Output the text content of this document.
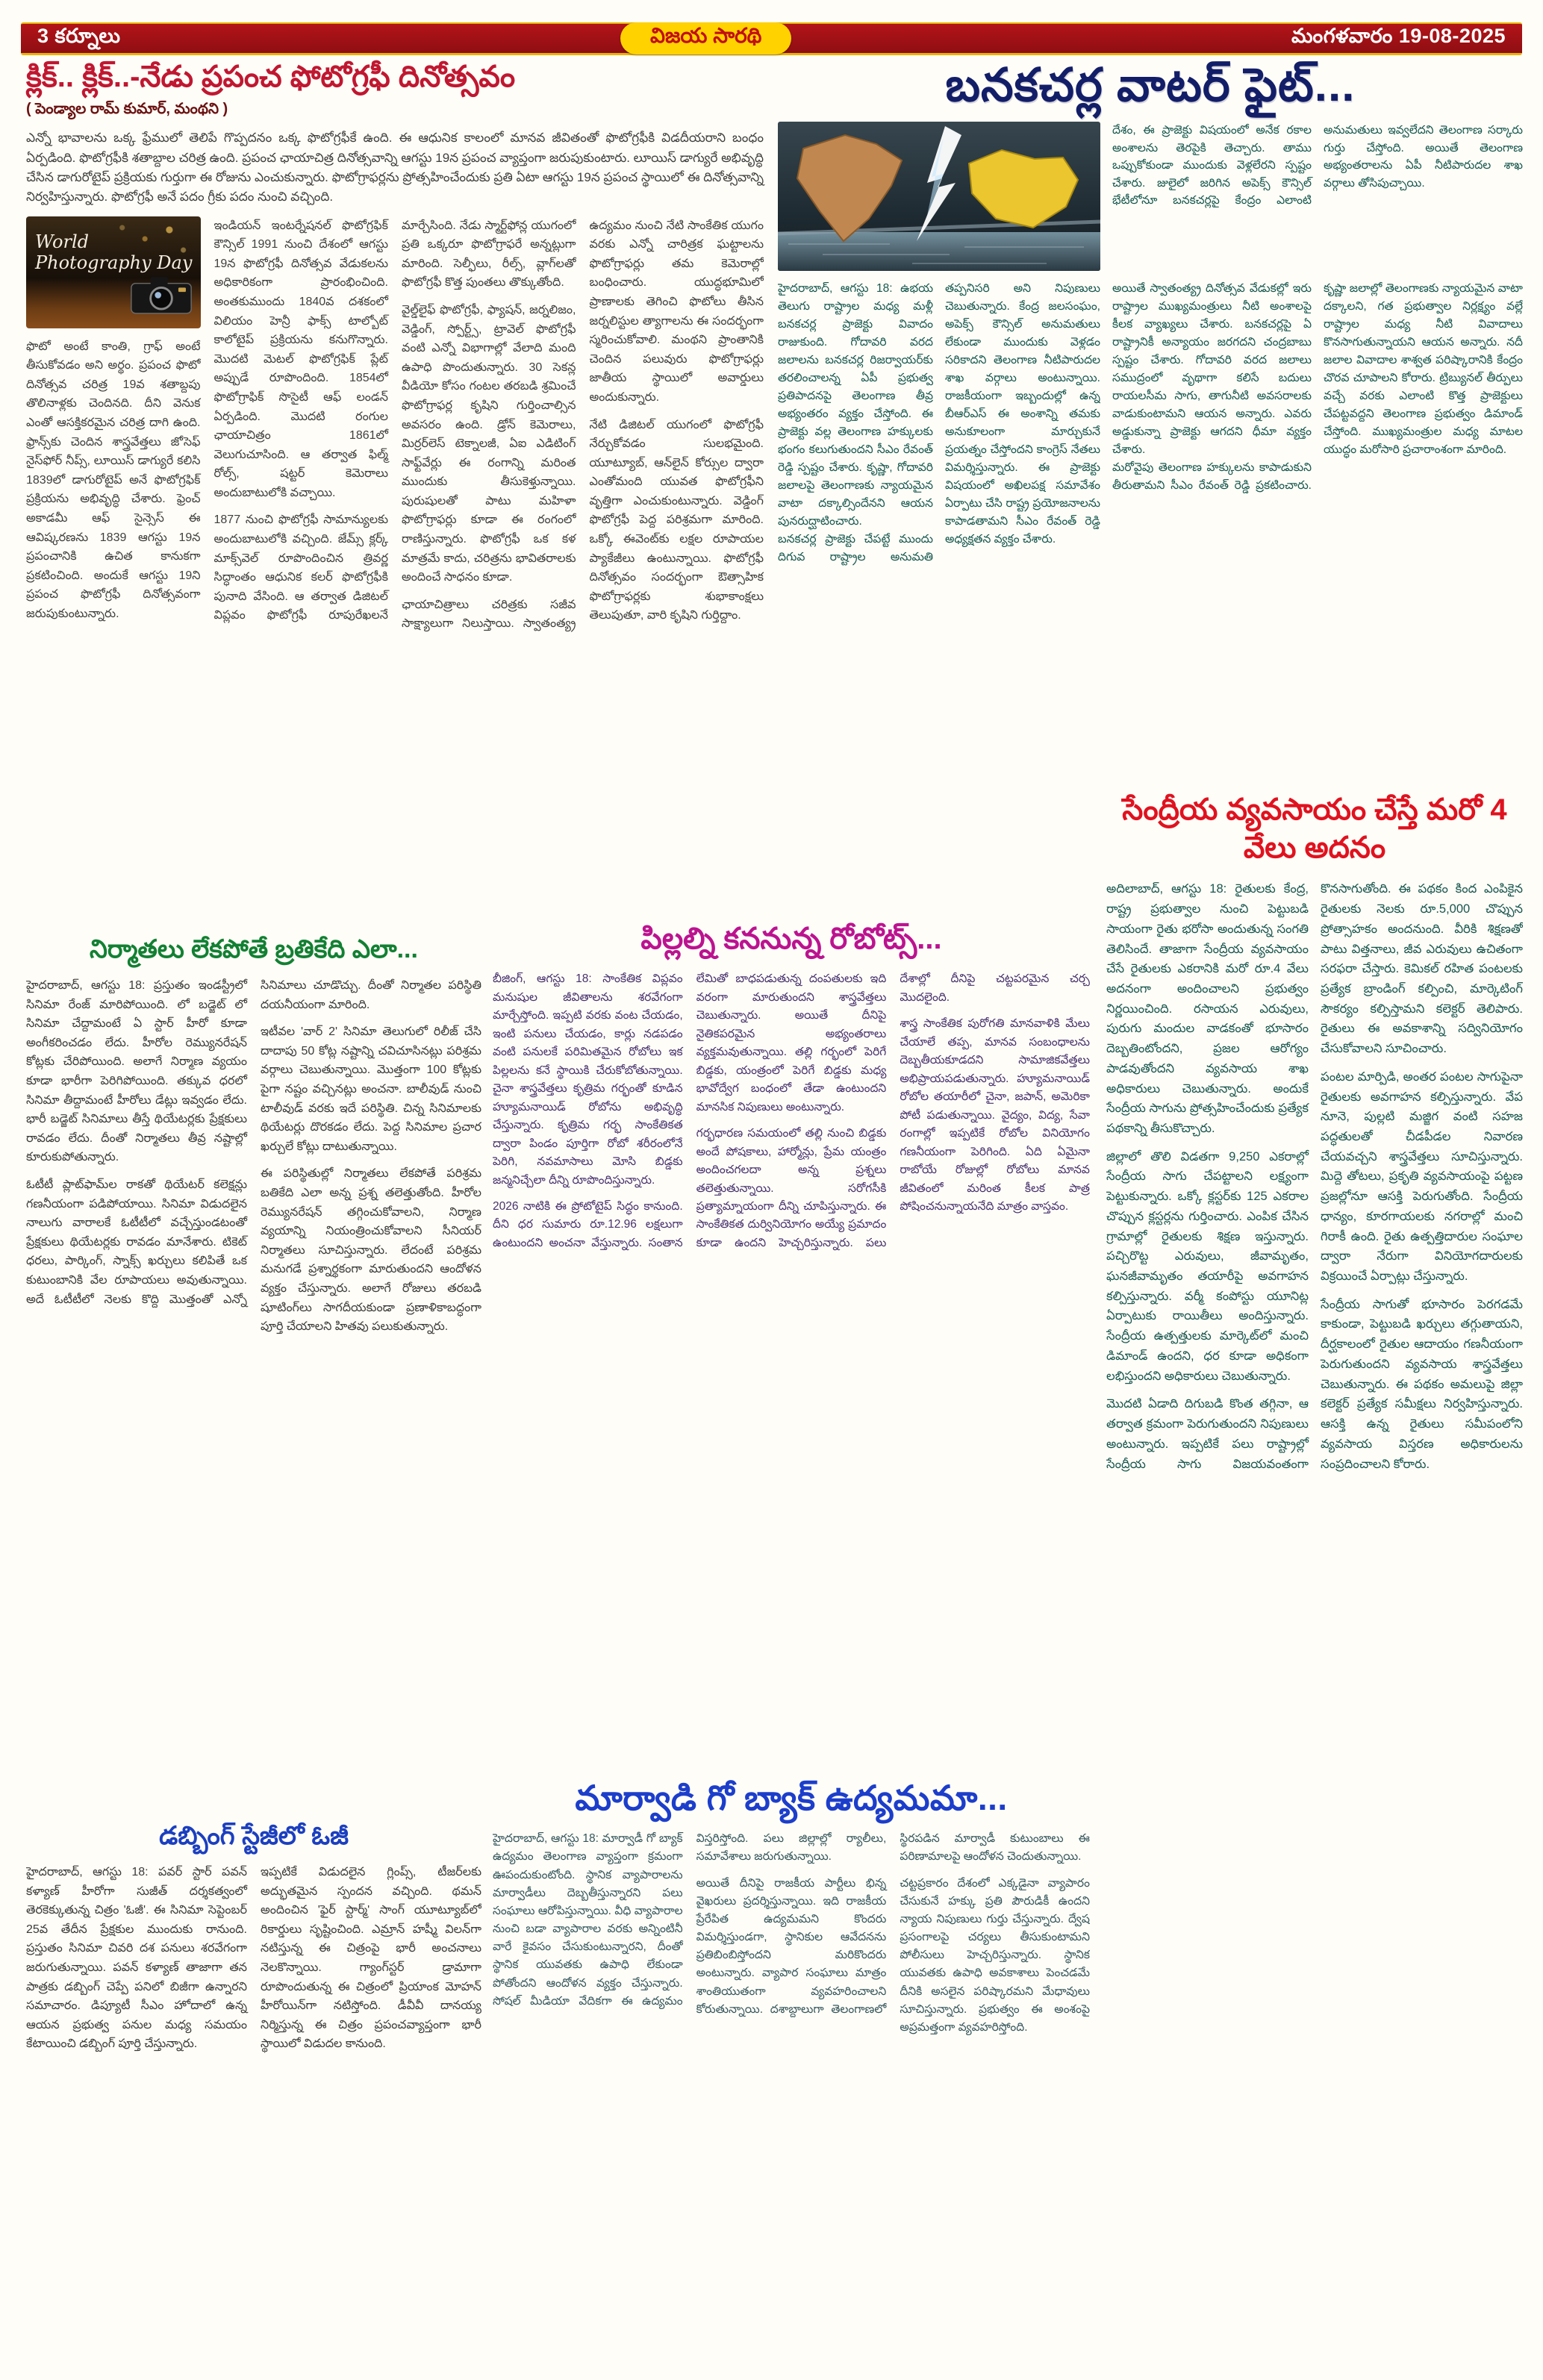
3 కర్నూలు	విజయ సారథి	మంగళవారం 19-08-2025
క్లిక్.. క్లిక్..-నేడు ప్రపంచ ఫోటోగ్రఫీ దినోత్సవం
( పెండ్యాల రామ్ కుమార్, మంథని )
ఎన్నో భావాలను ఒక్క ఫ్రేములో తెలిపే గొప్పదనం ఒక్క ఫొటోగ్రఫీకే ఉంది. ఈ ఆధునిక కాలంలో మానవ జీవితంతో ఫొటోగ్రఫీకి విడదీయరాని బంధం ఏర్పడింది. ఫొటోగ్రఫీకి శతాబ్దాల చరిత్ర ఉంది. ప్రపంచ ఛాయాచిత్ర దినోత్సవాన్ని ఆగస్టు 19న ప్రపంచ వ్యాప్తంగా జరుపుకుంటారు. లూయిస్ డాగ్యురే అభివృద్ధి చేసిన డాగురోటైప్ ప్రక్రియకు గుర్తుగా ఈ రోజును ఎంచుకున్నారు. ఫొటోగ్రాఫర్లను ప్రోత్సహించేందుకు ప్రతి ఏటా ఆగస్టు 19న ప్రపంచ స్థాయిలో ఈ దినోత్సవాన్ని నిర్వహిస్తున్నారు. ఫొటోగ్రఫీ అనే పదం గ్రీకు పదం నుంచి వచ్చింది.
World Photography Day

ఫొటో అంటే కాంతి, గ్రాఫ్ అంటే తీసుకోవడం అని అర్థం. ప్రపంచ ఫొటో దినోత్సవ చరిత్ర 19వ శతాబ్దపు తొలినాళ్లకు చెందినది. దీని వెనుక ఎంతో ఆసక్తికరమైన చరిత్ర దాగి ఉంది. ఫ్రాన్స్‌కు చెందిన శాస్త్రవేత్తలు జోసెఫ్ నైస్‌ఫోర్ నీప్స్, లూయిస్ డాగ్యురే కలిసి 1839లో డాగురోటైప్ అనే ఫొటోగ్రఫిక్ ప్రక్రియను అభివృద్ధి చేశారు. ఫ్రెంచ్ అకాడమీ ఆఫ్ సైన్సెస్ ఈ ఆవిష్కరణను 1839 ఆగస్టు 19న ప్రపంచానికి ఉచిత కానుకగా ప్రకటించింది. అందుకే ఆగస్టు 19ని ప్రపంచ ఫొటోగ్రఫీ దినోత్సవంగా జరుపుకుంటున్నారు.

ఇండియన్ ఇంటర్నేషనల్ ఫొటోగ్రఫిక్ కౌన్సిల్ 1991 నుంచి దేశంలో ఆగస్టు 19న ఫొటోగ్రఫీ దినోత్సవ వేడుకలను అధికారికంగా ప్రారంభించింది. అంతకుముందు 1840వ దశకంలో విలియం హెన్రీ ఫాక్స్ టాల్బోట్ కాలోటైప్ ప్రక్రియను కనుగొన్నారు. మొదటి మెటల్ ఫొటోగ్రఫిక్ ప్లేట్ అప్పుడే రూపొందింది. 1854లో ఫొటోగ్రాఫిక్ సొసైటీ ఆఫ్ లండన్ ఏర్పడింది. మొదటి రంగుల ఛాయాచిత్రం 1861లో వెలుగుచూసింది. ఆ తర్వాత ఫిల్మ్ రోల్స్, షట్టర్ కెమెరాలు అందుబాటులోకి వచ్చాయి.

1877 నుంచి ఫొటోగ్రఫీ సామాన్యులకు అందుబాటులోకి వచ్చింది. జేమ్స్ క్లర్క్ మాక్స్‌వెల్ రూపొందించిన త్రివర్ణ సిద్ధాంతం ఆధునిక కలర్ ఫొటోగ్రఫీకి పునాది వేసింది. ఆ తర్వాత డిజిటల్ విప్లవం ఫొటోగ్రఫీ రూపురేఖలనే మార్చేసింది. నేడు స్మార్ట్‌ఫోన్ల యుగంలో ప్రతి ఒక్కరూ ఫొటోగ్రాఫరే అన్నట్లుగా మారింది. సెల్ఫీలు, రీల్స్, వ్లాగ్‌లతో ఫొటోగ్రఫీ కొత్త పుంతలు తొక్కుతోంది.

వైల్డ్‌లైఫ్ ఫొటోగ్రఫీ, ఫ్యాషన్, జర్నలిజం, వెడ్డింగ్, స్పోర్ట్స్, ట్రావెల్ ఫొటోగ్రఫీ వంటి ఎన్నో విభాగాల్లో వేలాది మంది ఉపాధి పొందుతున్నారు. 30 సెకన్ల వీడియో కోసం గంటల తరబడి శ్రమించే ఫొటోగ్రాఫర్ల కృషిని గుర్తించాల్సిన అవసరం ఉంది. డ్రోన్ కెమెరాలు, మిర్రర్‌లెస్ టెక్నాలజీ, ఏఐ ఎడిటింగ్ సాఫ్ట్‌వేర్లు ఈ రంగాన్ని మరింత ముందుకు తీసుకెళ్తున్నాయి. పురుషులతో పాటు మహిళా ఫొటోగ్రాఫర్లు కూడా ఈ రంగంలో రాణిస్తున్నారు. ఫొటోగ్రఫీ ఒక కళ మాత్రమే కాదు, చరిత్రను భావితరాలకు అందించే సాధనం కూడా.

ఛాయాచిత్రాలు చరిత్రకు సజీవ సాక్ష్యాలుగా నిలుస్తాయి. స్వాతంత్య్ర ఉద్యమం నుంచి నేటి సాంకేతిక యుగం వరకు ఎన్నో చారిత్రక ఘట్టాలను ఫొటోగ్రాఫర్లు తమ కెమెరాల్లో బంధించారు. యుద్ధభూమిలో ప్రాణాలకు తెగించి ఫొటోలు తీసిన జర్నలిస్టుల త్యాగాలను ఈ సందర్భంగా స్మరించుకోవాలి. మంథని ప్రాంతానికి చెందిన పలువురు ఫొటోగ్రాఫర్లు జాతీయ స్థాయిలో అవార్డులు అందుకున్నారు.

నేటి డిజిటల్ యుగంలో ఫొటోగ్రఫీ నేర్చుకోవడం సులభమైంది. యూట్యూబ్, ఆన్‌లైన్ కోర్సుల ద్వారా ఎంతోమంది యువత ఫొటోగ్రఫీని వృత్తిగా ఎంచుకుంటున్నారు. వెడ్డింగ్ ఫొటోగ్రఫీ పెద్ద పరిశ్రమగా మారింది. ఒక్కో ఈవెంట్‌కు లక్షల రూపాయల ప్యాకేజీలు ఉంటున్నాయి. ఫొటోగ్రఫీ దినోత్సవం సందర్భంగా ఔత్సాహిక ఫొటోగ్రాఫర్లకు శుభాకాంక్షలు తెలుపుతూ, వారి కృషిని గుర్తిద్దాం.

బనకచర్ల వాటర్ ఫైట్...

దేశం, ఈ ప్రాజెక్టు విషయంలో అనేక రకాల అంశాలను తెరపైకి తెచ్చారు. తాము ఒప్పుకోకుండా ముందుకు వెళ్లలేరని స్పష్టం చేశారు. జులైలో జరిగిన అపెక్స్ కౌన్సిల్ భేటీలోనూ బనకచర్లపై కేంద్రం ఎలాంటి అనుమతులు ఇవ్వలేదని తెలంగాణ సర్కారు గుర్తు చేస్తోంది. అయితే తెలంగాణ అభ్యంతరాలను ఏపీ నీటిపారుదల శాఖ వర్గాలు తోసిపుచ్చాయి.

హైదరాబాద్, ఆగస్టు 18: ఉభయ తెలుగు రాష్ట్రాల మధ్య మళ్లీ బనకచర్ల ప్రాజెక్టు వివాదం రాజుకుంది. గోదావరి వరద జలాలను బనకచర్ల రిజర్వాయర్‌కు తరలించాలన్న ఏపీ ప్రభుత్వ ప్రతిపాదనపై తెలంగాణ తీవ్ర అభ్యంతరం వ్యక్తం చేస్తోంది. ఈ ప్రాజెక్టు వల్ల తెలంగాణ హక్కులకు భంగం కలుగుతుందని సీఎం రేవంత్ రెడ్డి స్పష్టం చేశారు. కృష్ణా, గోదావరి జలాలపై తెలంగాణకు న్యాయమైన వాటా దక్కాల్సిందేనని ఆయన పునరుద్ఘాటించారు.

బనకచర్ల ప్రాజెక్టు చేపట్టే ముందు దిగువ రాష్ట్రాల అనుమతి తప్పనిసరి అని నిపుణులు చెబుతున్నారు. కేంద్ర జలసంఘం, అపెక్స్ కౌన్సిల్ అనుమతులు లేకుండా ముందుకు వెళ్లడం సరికాదని తెలంగాణ నీటిపారుదల శాఖ వర్గాలు అంటున్నాయి. రాజకీయంగా ఇబ్బందుల్లో ఉన్న బీఆర్ఎస్ ఈ అంశాన్ని తమకు అనుకూలంగా మార్చుకునే ప్రయత్నం చేస్తోందని కాంగ్రెస్ నేతలు విమర్శిస్తున్నారు. ఈ ప్రాజెక్టు విషయంలో అఖిలపక్ష సమావేశం ఏర్పాటు చేసి రాష్ట్ర ప్రయోజనాలను కాపాడతామని సీఎం రేవంత్ రెడ్డి అధ్యక్షతన వ్యక్తం చేశారు.

అయితే స్వాతంత్య్ర దినోత్సవ వేడుకల్లో ఇరు రాష్ట్రాల ముఖ్యమంత్రులు నీటి అంశాలపై కీలక వ్యాఖ్యలు చేశారు. బనకచర్లపై ఏ రాష్ట్రానికీ అన్యాయం జరగదని చంద్రబాబు స్పష్టం చేశారు. గోదావరి వరద జలాలు సముద్రంలో వృథాగా కలిసే బదులు రాయలసీమ సాగు, తాగునీటి అవసరాలకు వాడుకుంటామని ఆయన అన్నారు. ఎవరు అడ్డుకున్నా ప్రాజెక్టు ఆగదని ధీమా వ్యక్తం చేశారు.

మరోవైపు తెలంగాణ హక్కులను కాపాడుకుని తీరుతామని సీఎం రేవంత్ రెడ్డి ప్రకటించారు. కృష్ణా జలాల్లో తెలంగాణకు న్యాయమైన వాటా దక్కాలని, గత ప్రభుత్వాల నిర్లక్ష్యం వల్లే రాష్ట్రాల మధ్య నీటి వివాదాలు కొనసాగుతున్నాయని ఆయన అన్నారు. నదీ జలాల వివాదాల శాశ్వత పరిష్కారానికి కేంద్రం చొరవ చూపాలని కోరారు. ట్రిబ్యునల్ తీర్పులు వచ్చే వరకు ఎలాంటి కొత్త ప్రాజెక్టులు చేపట్టవద్దని తెలంగాణ ప్రభుత్వం డిమాండ్ చేస్తోంది. ముఖ్యమంత్రుల మధ్య మాటల యుద్ధం మరోసారి ప్రచారాంశంగా మారింది.

సేంద్రీయ వ్యవసాయం చేస్తే మరో 4 వేలు అదనం

అదిలాబాద్, ఆగస్టు 18: రైతులకు కేంద్ర, రాష్ట్ర ప్రభుత్వాల నుంచి పెట్టుబడి సాయంగా రైతు భరోసా అందుతున్న సంగతి తెలిసిందే. తాజాగా సేంద్రీయ వ్యవసాయం చేసే రైతులకు ఎకరానికి మరో రూ.4 వేలు అదనంగా అందించాలని ప్రభుత్వం నిర్ణయించింది. రసాయన ఎరువులు, పురుగు మందుల వాడకంతో భూసారం దెబ్బతింటోందని, ప్రజల ఆరోగ్యం పాడవుతోందని వ్యవసాయ శాఖ అధికారులు చెబుతున్నారు. అందుకే సేంద్రీయ సాగును ప్రోత్సహించేందుకు ప్రత్యేక పథకాన్ని తీసుకొచ్చారు.

జిల్లాలో తొలి విడతగా 9,250 ఎకరాల్లో సేంద్రీయ సాగు చేపట్టాలని లక్ష్యంగా పెట్టుకున్నారు. ఒక్కో క్లస్టర్‌కు 125 ఎకరాల చొప్పున క్లస్టర్లను గుర్తించారు. ఎంపిక చేసిన గ్రామాల్లో రైతులకు శిక్షణ ఇస్తున్నారు. పచ్చిరొట్ట ఎరువులు, జీవామృతం, ఘనజీవామృతం తయారీపై అవగాహన కల్పిస్తున్నారు. వర్మీ కంపోస్టు యూనిట్ల ఏర్పాటుకు రాయితీలు అందిస్తున్నారు. సేంద్రీయ ఉత్పత్తులకు మార్కెట్‌లో మంచి డిమాండ్ ఉందని, ధర కూడా అధికంగా లభిస్తుందని అధికారులు చెబుతున్నారు.

మొదటి ఏడాది దిగుబడి కొంత తగ్గినా, ఆ తర్వాత క్రమంగా పెరుగుతుందని నిపుణులు అంటున్నారు. ఇప్పటికే పలు రాష్ట్రాల్లో సేంద్రీయ సాగు విజయవంతంగా కొనసాగుతోంది. ఈ పథకం కింద ఎంపికైన రైతులకు నెలకు రూ.5,000 చొప్పున ప్రోత్సాహకం అందనుంది. వీరికి శిక్షణతో పాటు విత్తనాలు, జీవ ఎరువులు ఉచితంగా సరఫరా చేస్తారు. కెమికల్ రహిత పంటలకు ప్రత్యేక బ్రాండింగ్ కల్పించి, మార్కెటింగ్ సౌకర్యం కల్పిస్తామని కలెక్టర్ తెలిపారు. రైతులు ఈ అవకాశాన్ని సద్వినియోగం చేసుకోవాలని సూచించారు.

పంటల మార్పిడి, అంతర పంటల సాగుపైనా రైతులకు అవగాహన కల్పిస్తున్నారు. వేప నూనె, పుల్లటి మజ్జిగ వంటి సహజ పద్ధతులతో చీడపీడల నివారణ చేయవచ్చని శాస్త్రవేత్తలు సూచిస్తున్నారు. మిద్దె తోటలు, ప్రకృతి వ్యవసాయంపై పట్టణ ప్రజల్లోనూ ఆసక్తి పెరుగుతోంది. సేంద్రీయ ధాన్యం, కూరగాయలకు నగరాల్లో మంచి గిరాకీ ఉంది. రైతు ఉత్పత్తిదారుల సంఘాల ద్వారా నేరుగా వినియోగదారులకు విక్రయించే ఏర్పాట్లు చేస్తున్నారు.

సేంద్రీయ సాగుతో భూసారం పెరగడమే కాకుండా, పెట్టుబడి ఖర్చులు తగ్గుతాయని, దీర్ఘకాలంలో రైతుల ఆదాయం గణనీయంగా పెరుగుతుందని వ్యవసాయ శాస్త్రవేత్తలు చెబుతున్నారు. ఈ పథకం అమలుపై జిల్లా కలెక్టర్ ప్రత్యేక సమీక్షలు నిర్వహిస్తున్నారు. ఆసక్తి ఉన్న రైతులు సమీపంలోని వ్యవసాయ విస్తరణ అధికారులను సంప్రదించాలని కోరారు.

నిర్మాతలు లేకపోతే బ్రతికేది ఎలా...

హైదరాబాద్, ఆగస్టు 18: ప్రస్తుతం ఇండస్ట్రీలో సినిమా రేంజ్ మారిపోయింది. లో బడ్జెట్ లో సినిమా చేద్దామంటే ఏ స్టార్ హీరో కూడా అంగీకరించడం లేదు. హీరోల రెమ్యునరేషన్ కోట్లకు చేరిపోయింది. అలాగే నిర్మాణ వ్యయం కూడా భారీగా పెరిగిపోయింది. తక్కువ ధరలో సినిమా తీద్దామంటే హీరోలు డేట్లు ఇవ్వడం లేదు. భారీ బడ్జెట్ సినిమాలు తీస్తే థియేటర్లకు ప్రేక్షకులు రావడం లేదు. దీంతో నిర్మాతలు తీవ్ర నష్టాల్లో కూరుకుపోతున్నారు.

ఓటీటీ ప్లాట్‌ఫామ్‌ల రాకతో థియేటర్ కలెక్షన్లు గణనీయంగా పడిపోయాయి. సినిమా విడుదలైన నాలుగు వారాలకే ఓటీటీలో వచ్చేస్తుండటంతో ప్రేక్షకులు థియేటర్లకు రావడం మానేశారు. టికెట్ ధరలు, పార్కింగ్, స్నాక్స్ ఖర్చులు కలిపితే ఒక కుటుంబానికి వేల రూపాయలు అవుతున్నాయి. అదే ఓటీటీలో నెలకు కొద్ది మొత్తంతో ఎన్నో సినిమాలు చూడొచ్చు. దీంతో నిర్మాతల పరిస్థితి దయనీయంగా మారింది.

ఇటీవల 'వార్ 2' సినిమా తెలుగులో రిలీజ్ చేసి దాదాపు 50 కోట్ల నష్టాన్ని చవిచూసినట్లు పరిశ్రమ వర్గాలు చెబుతున్నాయి. మొత్తంగా 100 కోట్లకు పైగా నష్టం వచ్చినట్లు అంచనా. బాలీవుడ్ నుంచి టాలీవుడ్ వరకు ఇదే పరిస్థితి. చిన్న సినిమాలకు థియేటర్లు దొరకడం లేదు. పెద్ద సినిమాల ప్రచార ఖర్చులే కోట్లు దాటుతున్నాయి.

ఈ పరిస్థితుల్లో నిర్మాతలు లేకపోతే పరిశ్రమ బతికేది ఎలా అన్న ప్రశ్న తలెత్తుతోంది. హీరోల రెమ్యునరేషన్ తగ్గించుకోవాలని, నిర్మాణ వ్యయాన్ని నియంత్రించుకోవాలని సీనియర్ నిర్మాతలు సూచిస్తున్నారు. లేదంటే పరిశ్రమ మనుగడే ప్రశ్నార్థకంగా మారుతుందని ఆందోళన వ్యక్తం చేస్తున్నారు. అలాగే రోజులు తరబడి షూటింగ్‌లు సాగదీయకుండా ప్రణాళికాబద్ధంగా పూర్తి చేయాలని హితవు పలుకుతున్నారు.

పిల్లల్ని కననున్న రోబోట్స్...

బీజింగ్, ఆగస్టు 18: సాంకేతిక విప్లవం మనుషుల జీవితాలను శరవేగంగా మార్చేస్తోంది. ఇప్పటి వరకు వంట చేయడం, ఇంటి పనులు చేయడం, కార్లు నడపడం వంటి పనులకే పరిమితమైన రోబోలు ఇక పిల్లలను కనే స్థాయికి చేరుకోబోతున్నాయి. చైనా శాస్త్రవేత్తలు కృత్రిమ గర్భంతో కూడిన హ్యూమనాయిడ్ రోబోను అభివృద్ధి చేస్తున్నారు. కృత్రిమ గర్భ సాంకేతికత ద్వారా పిండం పూర్తిగా రోబో శరీరంలోనే పెరిగి, నవమాసాలు మోసి బిడ్డకు జన్మనిచ్చేలా దీన్ని రూపొందిస్తున్నారు.

2026 నాటికి ఈ ప్రోటోటైప్ సిద్ధం కానుంది. దీని ధర సుమారు రూ.12.96 లక్షలుగా ఉంటుందని అంచనా వేస్తున్నారు. సంతాన లేమితో బాధపడుతున్న దంపతులకు ఇది వరంగా మారుతుందని శాస్త్రవేత్తలు చెబుతున్నారు. అయితే దీనిపై నైతికపరమైన అభ్యంతరాలు వ్యక్తమవుతున్నాయి. తల్లి గర్భంలో పెరిగే బిడ్డకు, యంత్రంలో పెరిగే బిడ్డకు మధ్య భావోద్వేగ బంధంలో తేడా ఉంటుందని మానసిక నిపుణులు అంటున్నారు.

గర్భధారణ సమయంలో తల్లి నుంచి బిడ్డకు అందే పోషకాలు, హార్మోన్లు, ప్రేమ యంత్రం అందించగలదా అన్న ప్రశ్నలు తలెత్తుతున్నాయి. సరోగసీకి ప్రత్యామ్నాయంగా దీన్ని చూపిస్తున్నారు. ఈ సాంకేతికత దుర్వినియోగం అయ్యే ప్రమాదం కూడా ఉందని హెచ్చరిస్తున్నారు. పలు దేశాల్లో దీనిపై చట్టపరమైన చర్చ మొదలైంది.

శాస్త్ర సాంకేతిక పురోగతి మానవాళికి మేలు చేయాలే తప్ప, మానవ సంబంధాలను దెబ్బతీయకూడదని సామాజికవేత్తలు అభిప్రాయపడుతున్నారు. హ్యూమనాయిడ్ రోబోల తయారీలో చైనా, జపాన్, అమెరికా పోటీ పడుతున్నాయి. వైద్యం, విద్య, సేవా రంగాల్లో ఇప్పటికే రోబోల వినియోగం గణనీయంగా పెరిగింది. ఏది ఏమైనా రాబోయే రోజుల్లో రోబోలు మానవ జీవితంలో మరింత కీలక పాత్ర పోషించనున్నాయనేది మాత్రం వాస్తవం.

డబ్బింగ్ స్టేజీలో ఓజీ

హైదరాబాద్, ఆగస్టు 18: పవర్ స్టార్ పవన్ కళ్యాణ్ హీరోగా సుజీత్ దర్శకత్వంలో తెరకెక్కుతున్న చిత్రం 'ఓజీ'. ఈ సినిమా సెప్టెంబర్ 25వ తేదీన ప్రేక్షకుల ముందుకు రానుంది. ప్రస్తుతం సినిమా చివరి దశ పనులు శరవేగంగా జరుగుతున్నాయి. పవన్ కళ్యాణ్ తాజాగా తన పాత్రకు డబ్బింగ్ చెప్పే పనిలో బిజీగా ఉన్నారని సమాచారం. డిప్యూటీ సీఎం హోదాలో ఉన్న ఆయన ప్రభుత్వ పనుల మధ్య సమయం కేటాయించి డబ్బింగ్ పూర్తి చేస్తున్నారు.

ఇప్పటికే విడుదలైన గ్లింప్స్, టీజర్‌లకు అద్భుతమైన స్పందన వచ్చింది. థమన్ అందించిన 'ఫైర్ స్టార్మ్' సాంగ్ యూట్యూబ్‌లో రికార్డులు సృష్టించింది. ఎమ్రాన్ హష్మీ విలన్‌గా నటిస్తున్న ఈ చిత్రంపై భారీ అంచనాలు నెలకొన్నాయి. గ్యాంగ్‌స్టర్ డ్రామాగా రూపొందుతున్న ఈ చిత్రంలో ప్రియాంక మోహన్ హీరోయిన్‌గా నటిస్తోంది. డీవీవీ దానయ్య నిర్మిస్తున్న ఈ చిత్రం ప్రపంచవ్యాప్తంగా భారీ స్థాయిలో విడుదల కానుంది.

మార్వాడి గో బ్యాక్ ఉద్యమమా...

హైదరాబాద్, ఆగస్టు 18: మార్వాడీ గో బ్యాక్ ఉద్యమం తెలంగాణ వ్యాప్తంగా క్రమంగా ఊపందుకుంటోంది. స్థానిక వ్యాపారాలను మార్వాడీలు దెబ్బతీస్తున్నారని పలు సంఘాలు ఆరోపిస్తున్నాయి. వీధి వ్యాపారాల నుంచి బడా వ్యాపారాల వరకు అన్నింటినీ వారే కైవసం చేసుకుంటున్నారని, దీంతో స్థానిక యువతకు ఉపాధి లేకుండా పోతోందని ఆందోళన వ్యక్తం చేస్తున్నారు. సోషల్ మీడియా వేదికగా ఈ ఉద్యమం విస్తరిస్తోంది. పలు జిల్లాల్లో ర్యాలీలు, సమావేశాలు జరుగుతున్నాయి.

అయితే దీనిపై రాజకీయ పార్టీలు భిన్న వైఖరులు ప్రదర్శిస్తున్నాయి. ఇది రాజకీయ ప్రేరేపిత ఉద్యమమని కొందరు విమర్శిస్తుండగా, స్థానికుల ఆవేదనను ప్రతిబింబిస్తోందని మరికొందరు అంటున్నారు. వ్యాపార సంఘాలు మాత్రం శాంతియుతంగా వ్యవహరించాలని కోరుతున్నాయి. దశాబ్దాలుగా తెలంగాణలో స్థిరపడిన మార్వాడీ కుటుంబాలు ఈ పరిణామాలపై ఆందోళన చెందుతున్నాయి.

చట్టప్రకారం దేశంలో ఎక్కడైనా వ్యాపారం చేసుకునే హక్కు ప్రతి పౌరుడికీ ఉందని న్యాయ నిపుణులు గుర్తు చేస్తున్నారు. ద్వేష ప్రసంగాలపై చర్యలు తీసుకుంటామని పోలీసులు హెచ్చరిస్తున్నారు. స్థానిక యువతకు ఉపాధి అవకాశాలు పెంచడమే దీనికి అసలైన పరిష్కారమని మేధావులు సూచిస్తున్నారు. ప్రభుత్వం ఈ అంశంపై అప్రమత్తంగా వ్యవహరిస్తోంది.
